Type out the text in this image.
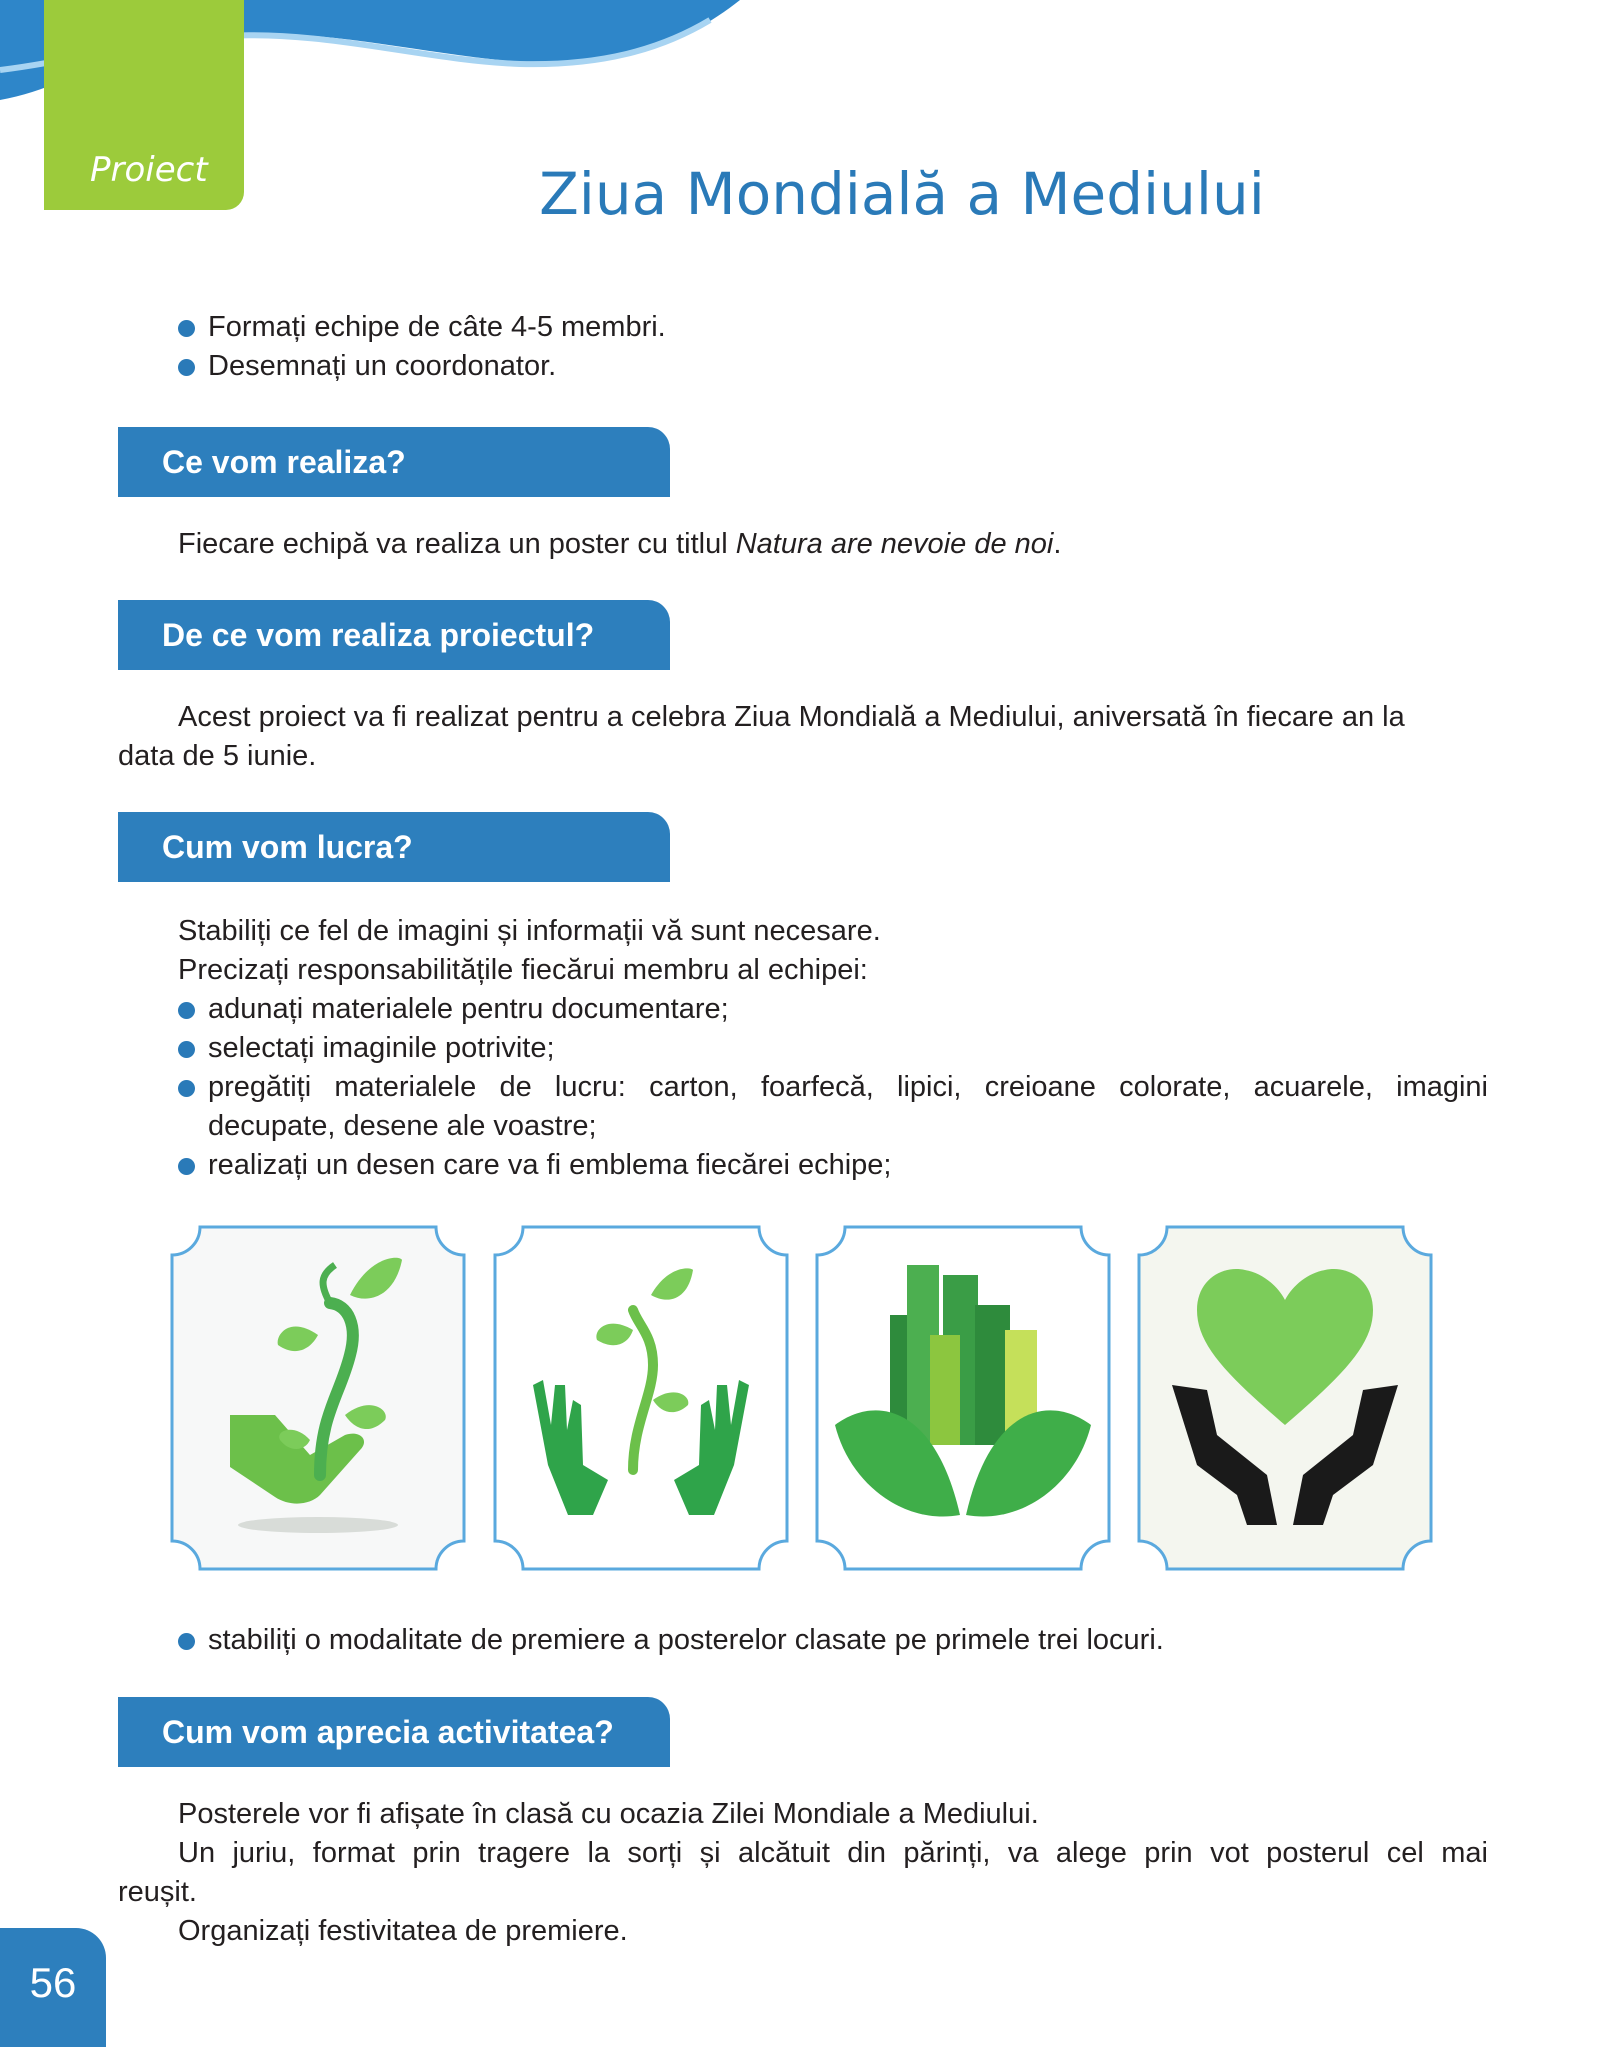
Proiect	Ziua Mondială a Mediului
Formați echipe de câte 4-5 membri.
Desemnați un coordonator.
Ce vom realiza?

Fiecare echipă va realiza un poster cu titlul Natura are nevoie de noi.

De ce vom realiza proiectul?

Acest proiect va fi realizat pentru a celebra Ziua Mondială a Mediului, aniversată în fiecare an la

data de 5 iunie.

Cum vom lucra?

Stabiliți ce fel de imagini și informații vă sunt necesare.

Precizați responsabilitățile fiecărui membru al echipei:

adunați materialele pentru documentare;
selectați imaginile potrivite;
pregătiți materialele de lucru: carton, foarfecă, lipici, creioane colorate, acuarele, imagini

decupate, desene ale voastre;

realizați un desen care va fi emblema fiecărei echipe;
stabiliți o modalitate de premiere a posterelor clasate pe primele trei locuri.
Cum vom aprecia activitatea?

Posterele vor fi afișate în clasă cu ocazia Zilei Mondiale a Mediului.

Un juriu, format prin tragere la sorți și alcătuit din părinți, va alege prin vot posterul cel mai

reușit.

Organizați festivitatea de premiere.

56
